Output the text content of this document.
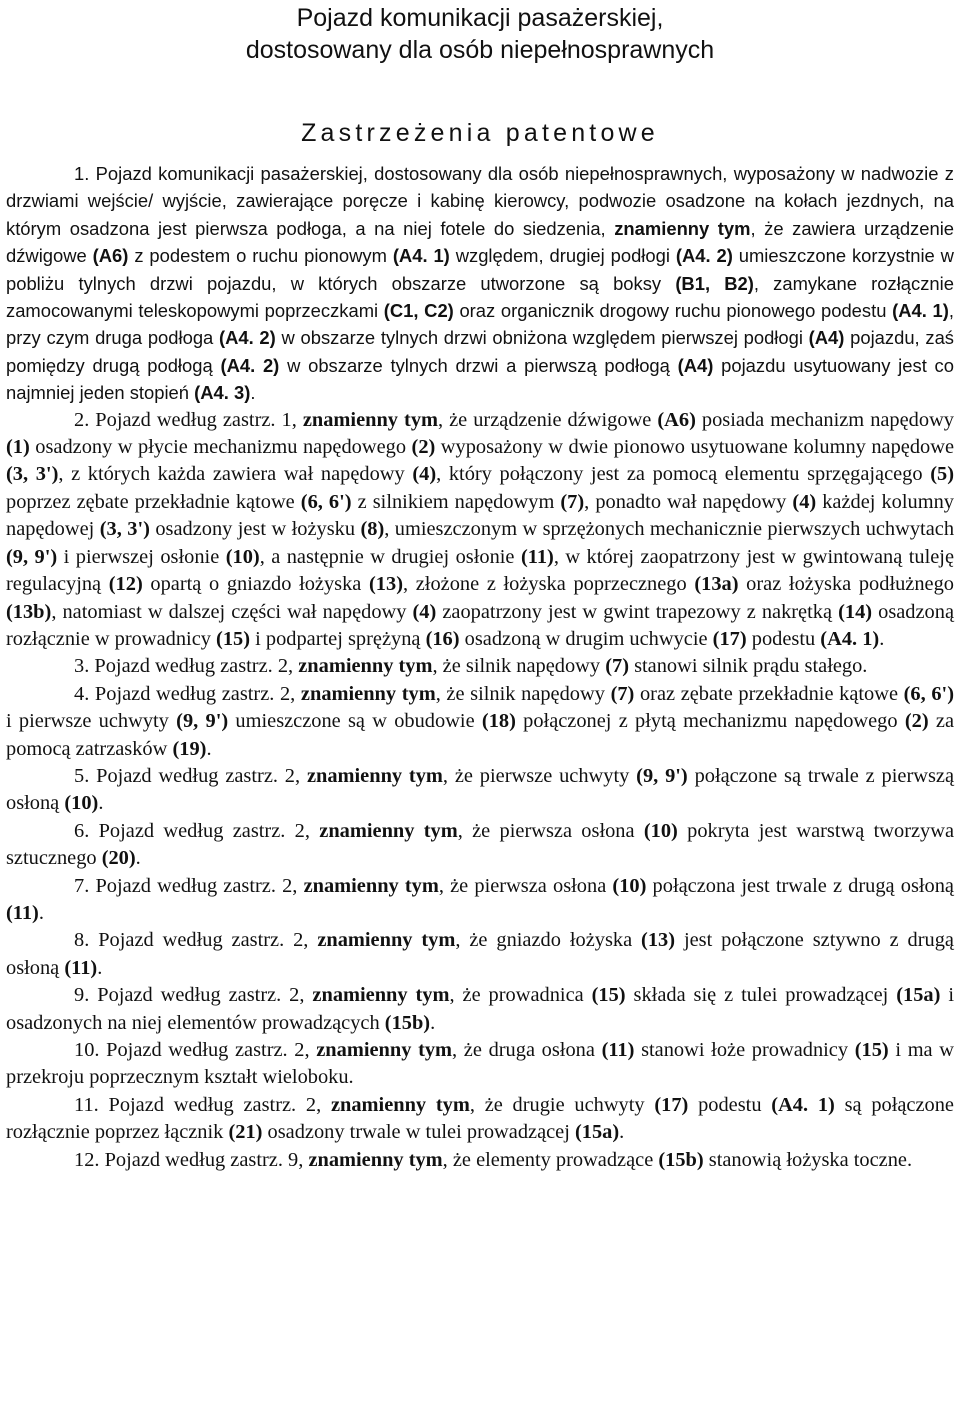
Pojazd komunikacji pasażerskiej,
dostosowany dla osób niepełnosprawnych
Zastrzeżenia patentowe

1. Pojazd komunikacji pasażerskiej, dostosowany dla osób niepełnosprawnych, wyposażony w nadwozie z drzwiami wejście/ wyjście, zawierające poręcze i kabinę kierowcy, podwozie osadzone na kołach jezdnych, na którym osadzona jest pierwsza podłoga, a na niej fotele do siedzenia, znamienny tym, że zawiera urządzenie dźwigowe (A6) z podestem o ruchu pionowym (A4. 1) względem, drugiej podłogi (A4. 2) umieszczone korzystnie w pobliżu tylnych drzwi pojazdu, w których obszarze utworzone są boksy (B1, B2), zamykane rozłącznie zamocowanymi teleskopowymi poprzeczkami (C1, C2) oraz organicznik drogowy ruchu pionowego podestu (A4. 1), przy czym druga podłoga (A4. 2) w obszarze tylnych drzwi obniżona względem pierwszej podłogi (A4) pojazdu, zaś pomiędzy drugą podłogą (A4. 2) w obszarze tylnych drzwi a pierwszą podłogą (A4) pojazdu usytuowany jest co najmniej jeden stopień (A4. 3).

2. Pojazd według zastrz. 1, znamienny tym, że urządzenie dźwigowe (A6) posiada mechanizm napędowy (1) osadzony w płycie mechanizmu napędowego (2) wyposażony w dwie pionowo usytuowane kolumny napędowe (3, 3'), z których każda zawiera wał napędowy (4), który połączony jest za pomocą elementu sprzęgającego (5) poprzez zębate przekładnie kątowe (6, 6') z silnikiem napędowym (7), ponadto wał napędowy (4) każdej kolumny napędowej (3, 3') osadzony jest w łożysku (8), umieszczonym w sprzężonych mechanicznie pierwszych uchwytach (9, 9') i pierwszej osłonie (10), a następnie w drugiej osłonie (11), w której zaopatrzony jest w gwintowaną tuleję regulacyjną (12) opartą o gniazdo łożyska (13), złożone z łożyska poprzecznego (13a) oraz łożyska podłużnego (13b), natomiast w dalszej części wał napędowy (4) zaopatrzony jest w gwint trapezowy z nakrętką (14) osadzoną rozłącznie w prowadnicy (15) i podpartej sprężyną (16) osadzoną w drugim uchwycie (17) podestu (A4. 1).

3. Pojazd według zastrz. 2, znamienny tym, że silnik napędowy (7) stanowi silnik prądu stałego.

4. Pojazd według zastrz. 2, znamienny tym, że silnik napędowy (7) oraz zębate przekładnie kątowe (6, 6') i pierwsze uchwyty (9, 9') umieszczone są w obudowie (18) połączonej z płytą mechanizmu napędowego (2) za pomocą zatrzasków (19).

5. Pojazd według zastrz. 2, znamienny tym, że pierwsze uchwyty (9, 9') połączone są trwale z pierwszą osłoną (10).

6. Pojazd według zastrz. 2, znamienny tym, że pierwsza osłona (10) pokryta jest warstwą tworzywa sztucznego (20).

7. Pojazd według zastrz. 2, znamienny tym, że pierwsza osłona (10) połączona jest trwale z drugą osłoną (11).

8. Pojazd według zastrz. 2, znamienny tym, że gniazdo łożyska (13) jest połączone sztywno z drugą osłoną (11).

9. Pojazd według zastrz. 2, znamienny tym, że prowadnica (15) składa się z tulei prowadzącej (15a) i osadzonych na niej elementów prowadzących (15b).

10. Pojazd według zastrz. 2, znamienny tym, że druga osłona (11) stanowi łoże prowadnicy (15) i ma w przekroju poprzecznym kształt wieloboku.

11. Pojazd według zastrz. 2, znamienny tym, że drugie uchwyty (17) podestu (A4. 1) są połączone rozłącznie poprzez łącznik (21) osadzony trwale w tulei prowadzącej (15a).

12. Pojazd według zastrz. 9, znamienny tym, że elementy prowadzące (15b) stanowią łożyska toczne.
